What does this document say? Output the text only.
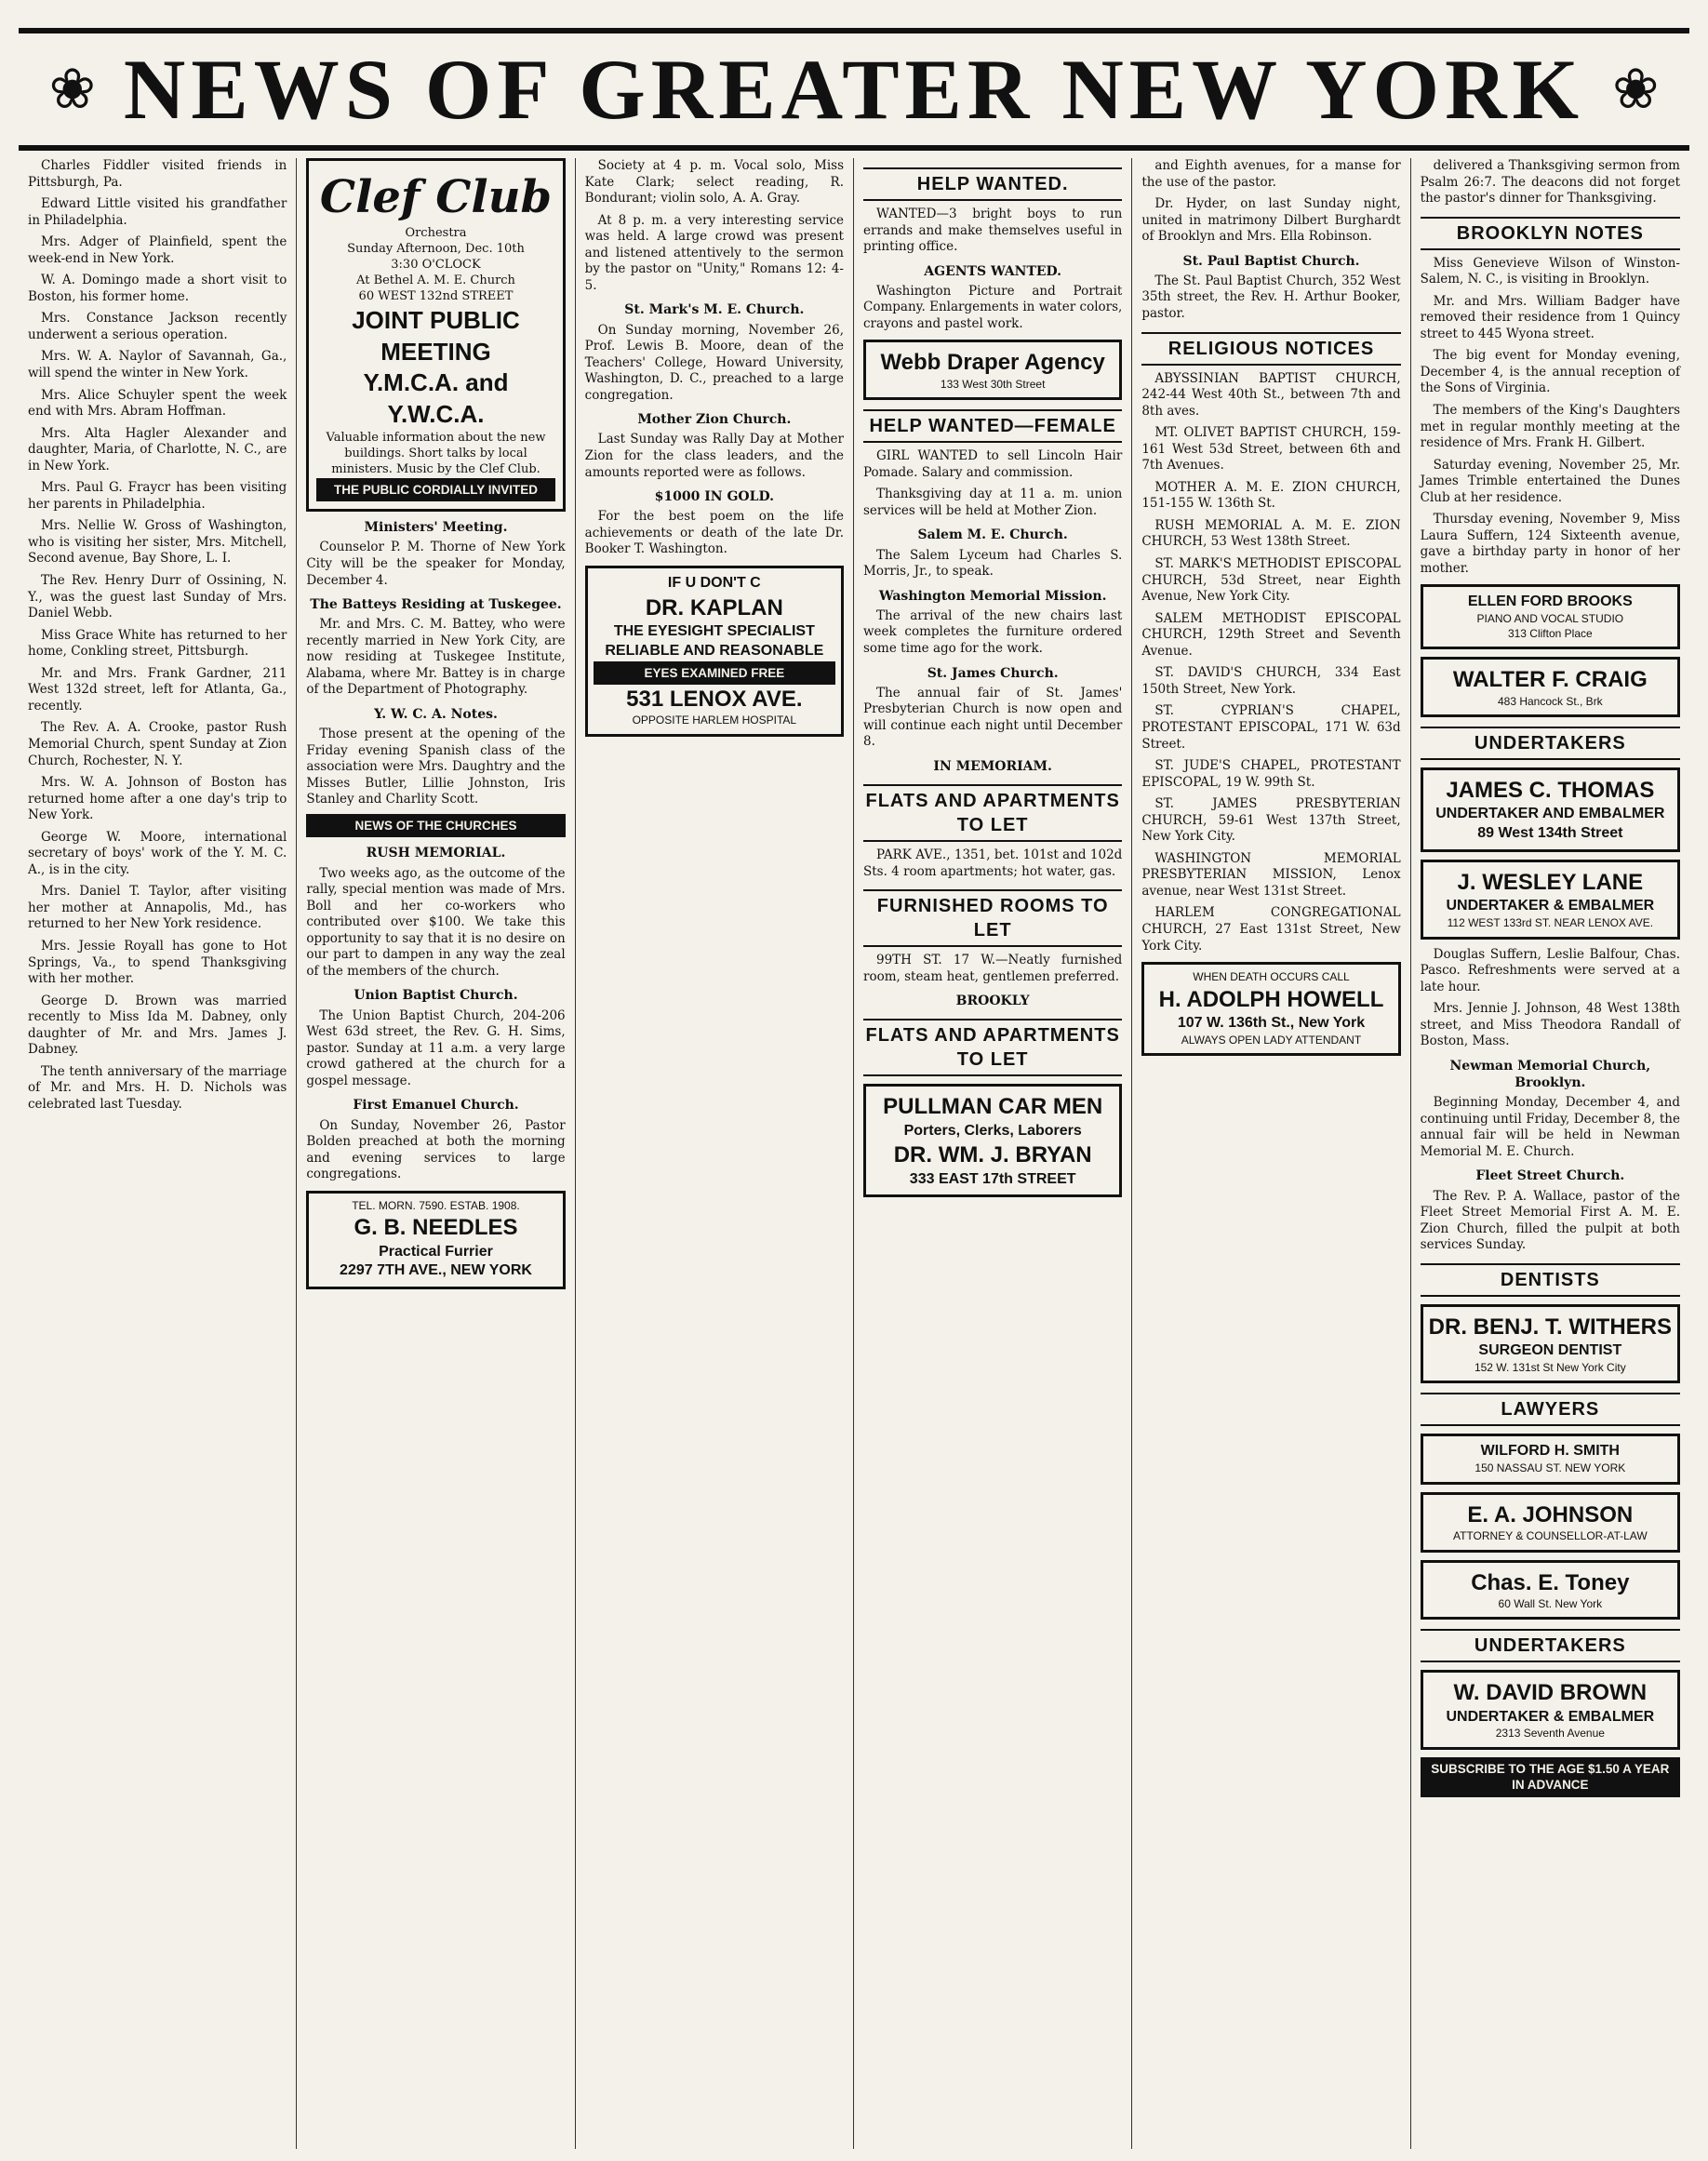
❀ NEWS OF GREATER NEW YORK ❀

Charles Fiddler visited friends in Pittsburgh, Pa.

Edward Little visited his grandfather in Philadelphia.

Mrs. Adger of Plainfield, spent the week-end in New York.

W. A. Domingo made a short visit to Boston, his former home.

Mrs. Constance Jackson recently underwent a serious operation.

Mrs. W. A. Naylor of Savannah, Ga., will spend the winter in New York.

Mrs. Alice Schuyler spent the week end with Mrs. Abram Hoffman.

Mrs. Alta Hagler Alexander and daughter, Maria, of Charlotte, N. C., are in New York.

Mrs. Paul G. Fraycr has been visiting her parents in Philadelphia.

Mrs. Nellie W. Gross of Washington, who is visiting her sister, Mrs. Mitchell, Second avenue, Bay Shore, L. I.

The Rev. Henry Durr of Ossining, N. Y., was the guest last Sunday of Mrs. Daniel Webb.

Miss Grace White has returned to her home, Conkling street, Pittsburgh.

Mr. and Mrs. Frank Gardner, 211 West 132d street, left for Atlanta, Ga., recently.

The Rev. A. A. Crooke, pastor Rush Memorial Church, spent Sunday at Zion Church, Rochester, N. Y.

Mrs. W. A. Johnson of Boston has returned home after a one day's trip to New York.

George W. Moore, international secretary of boys' work of the Y. M. C. A., is in the city.

Mrs. Daniel T. Taylor, after visiting her mother at Annapolis, Md., has returned to her New York residence.

Mrs. Jessie Royall has gone to Hot Springs, Va., to spend Thanksgiving with her mother.

George D. Brown was married recently to Miss Ida M. Dabney, only daughter of Mr. and Mrs. James J. Dabney.

The tenth anniversary of the marriage of Mr. and Mrs. H. D. Nichols was celebrated last Tuesday.

Clef Club
Orchestra
Sunday Afternoon, Dec. 10th
3:30 O'CLOCK
At Bethel A. M. E. Church
60 WEST 132nd STREET
JOINT PUBLIC MEETING
Y.M.C.A. and Y.W.C.A.
Valuable information about the new buildings. Short talks by local ministers. Music by the Clef Club.
THE PUBLIC CORDIALLY INVITED
Ministers' Meeting.

Counselor P. M. Thorne of New York City will be the speaker for Monday, December 4.

The Batteys Residing at Tuskegee.

Mr. and Mrs. C. M. Battey, who were recently married in New York City, are now residing at Tuskegee Institute, Alabama, where Mr. Battey is in charge of the Department of Photography.

Y. W. C. A. Notes.

Those present at the opening of the Friday evening Spanish class of the association were Mrs. Daughtry and the Misses Butler, Lillie Johnston, Iris Stanley and Charlity Scott.

NEWS OF THE CHURCHES
RUSH MEMORIAL.

Two weeks ago, as the outcome of the rally, special mention was made of Mrs. Boll and her co-workers who contributed over $100. We take this opportunity to say that it is no desire on our part to dampen in any way the zeal of the members of the church.

Union Baptist Church.

The Union Baptist Church, 204-206 West 63d street, the Rev. G. H. Sims, pastor. Sunday at 11 a.m. a very large crowd gathered at the church for a gospel message.

First Emanuel Church.

On Sunday, November 26, Pastor Bolden preached at both the morning and evening services to large congregations.

TEL. MORN. 7590. ESTAB. 1908.
G. B. NEEDLES
Practical Furrier
2297 7TH AVE., NEW YORK

Society at 4 p. m. Vocal solo, Miss Kate Clark; select reading, R. Bondurant; violin solo, A. A. Gray.

At 8 p. m. a very interesting service was held. A large crowd was present and listened attentively to the sermon by the pastor on "Unity," Romans 12: 4-5.

St. Mark's M. E. Church.

On Sunday morning, November 26, Prof. Lewis B. Moore, dean of the Teachers' College, Howard University, Washington, D. C., preached to a large congregation.

Mother Zion Church.

Last Sunday was Rally Day at Mother Zion for the class leaders, and the amounts reported were as follows.

$1000 IN GOLD.

For the best poem on the life achievements or death of the late Dr. Booker T. Washington.

IF U DON'T C
DR. KAPLAN
THE EYESIGHT SPECIALIST
RELIABLE AND REASONABLE
EYES EXAMINED FREE
531 LENOX AVE.
OPPOSITE HARLEM HOSPITAL
HELP WANTED.

WANTED—3 bright boys to run errands and make themselves useful in printing office.

AGENTS WANTED.

Washington Picture and Portrait Company. Enlargements in water colors, crayons and pastel work.

Webb Draper Agency
133 West 30th Street
HELP WANTED—FEMALE

GIRL WANTED to sell Lincoln Hair Pomade. Salary and commission.

Thanksgiving day at 11 a. m. union services will be held at Mother Zion.

Salem M. E. Church.

The Salem Lyceum had Charles S. Morris, Jr., to speak.

Washington Memorial Mission.

The arrival of the new chairs last week completes the furniture ordered some time ago for the work.

St. James Church.

The annual fair of St. James' Presbyterian Church is now open and will continue each night until December 8.

IN MEMORIAM.
FLATS AND APARTMENTS TO LET

PARK AVE., 1351, bet. 101st and 102d Sts. 4 room apartments; hot water, gas.

FURNISHED ROOMS TO LET

99TH ST. 17 W.—Neatly furnished room, steam heat, gentlemen preferred.

BROOKLY
FLATS AND APARTMENTS TO LET
PULLMAN CAR MEN
Porters, Clerks, Laborers
DR. WM. J. BRYAN
333 EAST 17th STREET

and Eighth avenues, for a manse for the use of the pastor.

Dr. Hyder, on last Sunday night, united in matrimony Dilbert Burghardt of Brooklyn and Mrs. Ella Robinson.

St. Paul Baptist Church.

The St. Paul Baptist Church, 352 West 35th street, the Rev. H. Arthur Booker, pastor.

RELIGIOUS NOTICES

ABYSSINIAN BAPTIST CHURCH, 242-44 West 40th St., between 7th and 8th aves.

MT. OLIVET BAPTIST CHURCH, 159-161 West 53d Street, between 6th and 7th Avenues.

MOTHER A. M. E. ZION CHURCH, 151-155 W. 136th St.

RUSH MEMORIAL A. M. E. ZION CHURCH, 53 West 138th Street.

ST. MARK'S METHODIST EPISCOPAL CHURCH, 53d Street, near Eighth Avenue, New York City.

SALEM METHODIST EPISCOPAL CHURCH, 129th Street and Seventh Avenue.

ST. DAVID'S CHURCH, 334 East 150th Street, New York.

ST. CYPRIAN'S CHAPEL, PROTESTANT EPISCOPAL, 171 W. 63d Street.

ST. JUDE'S CHAPEL, PROTESTANT EPISCOPAL, 19 W. 99th St.

ST. JAMES PRESBYTERIAN CHURCH, 59-61 West 137th Street, New York City.

WASHINGTON MEMORIAL PRESBYTERIAN MISSION, Lenox avenue, near West 131st Street.

HARLEM CONGREGATIONAL CHURCH, 27 East 131st Street, New York City.

WHEN DEATH OCCURS CALL
H. ADOLPH HOWELL
107 W. 136th St., New York
ALWAYS OPEN LADY ATTENDANT

delivered a Thanksgiving sermon from Psalm 26:7. The deacons did not forget the pastor's dinner for Thanksgiving.

BROOKLYN NOTES

Miss Genevieve Wilson of Winston-Salem, N. C., is visiting in Brooklyn.

Mr. and Mrs. William Badger have removed their residence from 1 Quincy street to 445 Wyona street.

The big event for Monday evening, December 4, is the annual reception of the Sons of Virginia.

The members of the King's Daughters met in regular monthly meeting at the residence of Mrs. Frank H. Gilbert.

Saturday evening, November 25, Mr. James Trimble entertained the Dunes Club at her residence.

Thursday evening, November 9, Miss Laura Suffern, 124 Sixteenth avenue, gave a birthday party in honor of her mother.

ELLEN FORD BROOKS
PIANO AND VOCAL STUDIO
313 Clifton Place
WALTER F. CRAIG
483 Hancock St., Brk
UNDERTAKERS
JAMES C. THOMAS
UNDERTAKER AND EMBALMER
89 West 134th Street
J. WESLEY LANE
UNDERTAKER & EMBALMER
112 WEST 133rd ST. NEAR LENOX AVE.

Douglas Suffern, Leslie Balfour, Chas. Pasco. Refreshments were served at a late hour.

Mrs. Jennie J. Johnson, 48 West 138th street, and Miss Theodora Randall of Boston, Mass.

Newman Memorial Church, Brooklyn.

Beginning Monday, December 4, and continuing until Friday, December 8, the annual fair will be held in Newman Memorial M. E. Church.

Fleet Street Church.

The Rev. P. A. Wallace, pastor of the Fleet Street Memorial First A. M. E. Zion Church, filled the pulpit at both services Sunday.

DENTISTS
DR. BENJ. T. WITHERS
SURGEON DENTIST
152 W. 131st St New York City
LAWYERS
WILFORD H. SMITH
150 NASSAU ST. NEW YORK
E. A. JOHNSON
ATTORNEY & COUNSELLOR-AT-LAW
Chas. E. Toney
60 Wall St. New York
UNDERTAKERS
W. DAVID BROWN
UNDERTAKER & EMBALMER
2313 Seventh Avenue
SUBSCRIBE TO THE AGE $1.50 A YEAR IN ADVANCE
